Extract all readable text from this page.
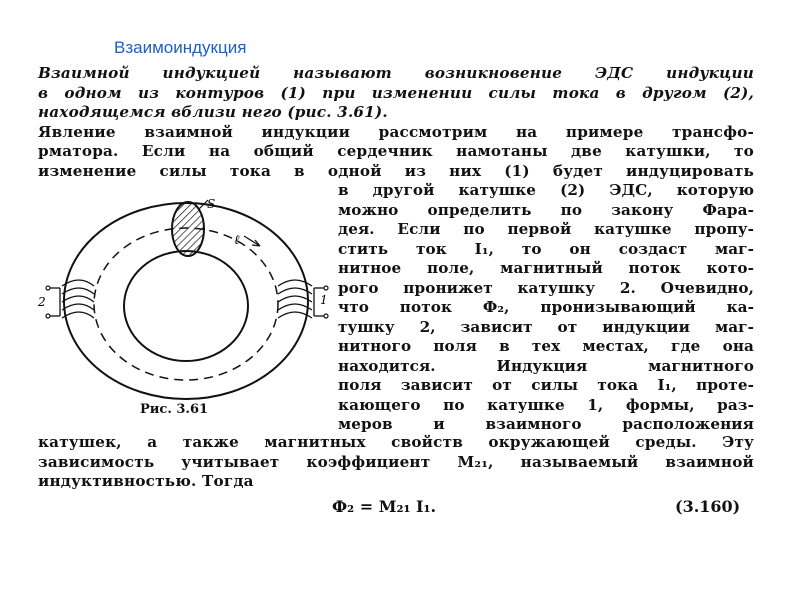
Взаимоиндукция
Взаимной индукцией называют возникновение ЭДС индукции
в одном из контуров (1) при изменении силы тока в другом (2),
находящемся вблизи него (рис. 3.61).
Явление взаимной индукции рассмотрим на примере трансфо-
рматора. Если на общий сердечник намотаны две катушки, то
изменение силы тока в одной из них (1) будет индуцировать
S
ℓ
2	1
Рис. 3.61
в другой катушке (2) ЭДС, которую
можно определить по закону Фара-
дея. Если по первой катушке пропу-
стить ток I₁, то он создаст маг-
нитное поле, магнитный поток кото-
рого пронижет катушку 2. Очевидно,
что поток Ф₂, пронизывающий ка-
тушку 2, зависит от индукции маг-
нитного поля в тех местах, где она
находится. Индукция магнитного
поля зависит от силы тока I₁, проте-
кающего по катушке 1, формы, раз-
меров и взаимного расположения
катушек, а также магнитных свойств окружающей среды. Эту
зависимость учитывает коэффициент M₂₁, называемый взаимной
индуктивностью. Тогда
Ф₂ = M₂₁ I₁.	(3.160)
